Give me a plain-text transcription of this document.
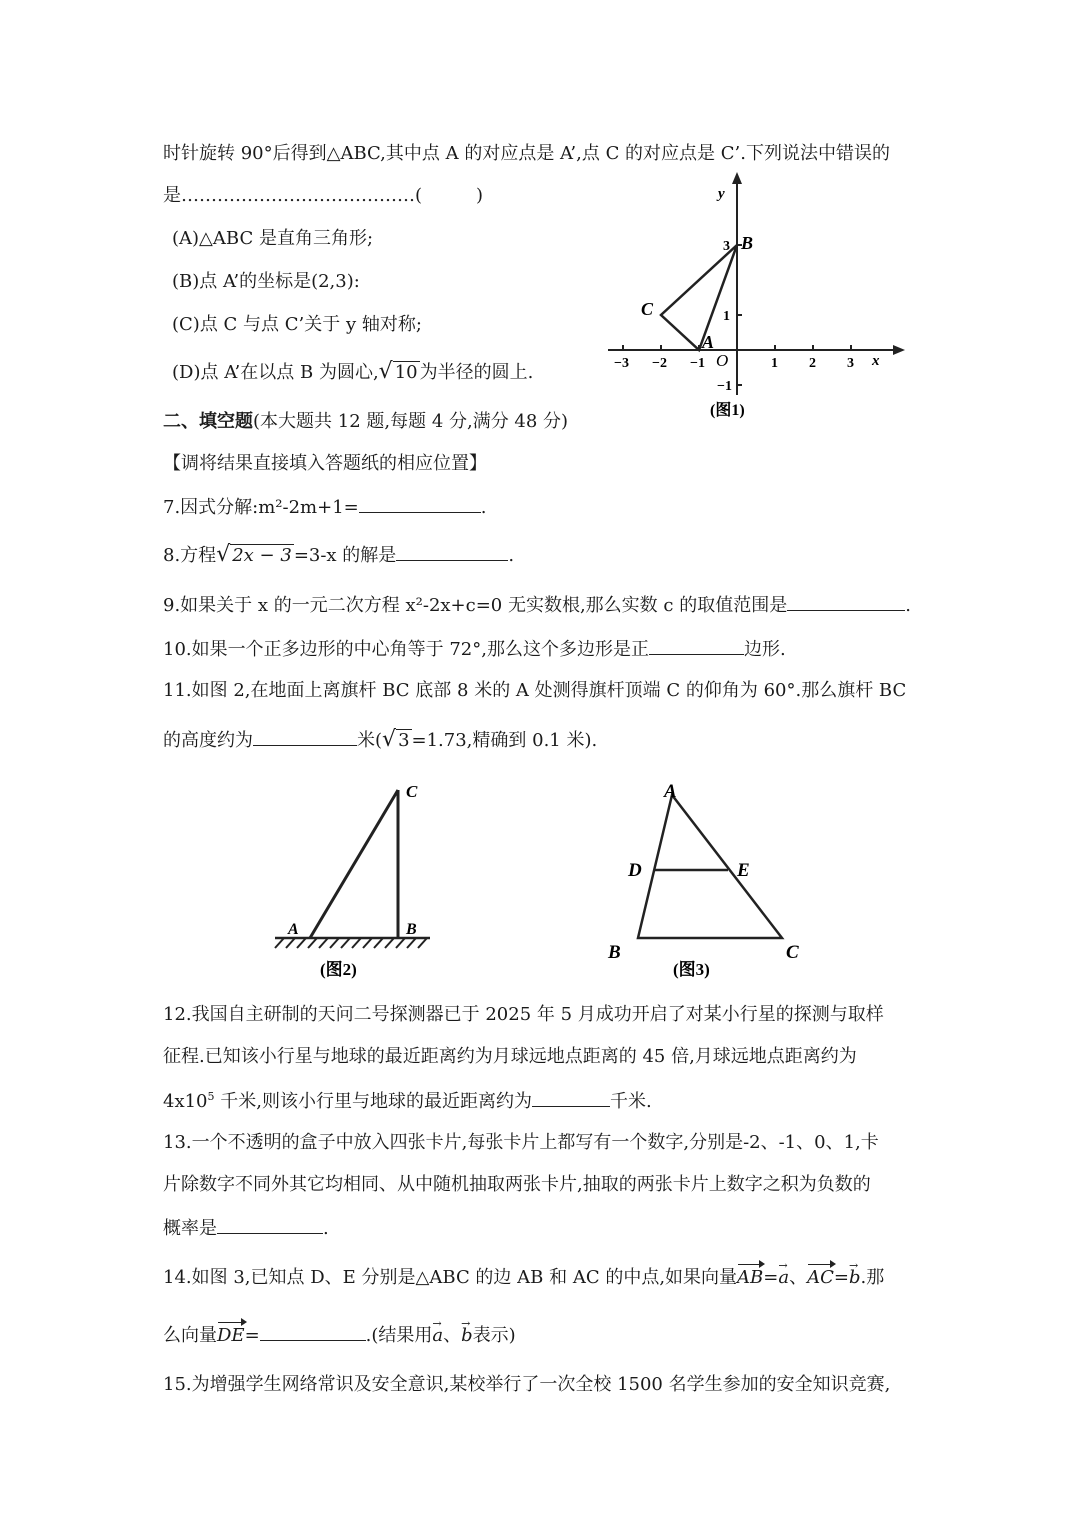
时针旋转 90°后得到△ABC,其中点 A 的对应点是 A’,点 C 的对应点是 C’.下列说法中错误的
是…………………………………(　　　)
(A)△ABC 是直角三角形;
(B)点 A’的坐标是(2,3):
(C)点 C 与点 C’关于 y 轴对称;
(D)点 A’在以点 B 为圆心,√ 10 为半径的圆上.	−3 −2 −1	1 2 3
3
1
−1
x
y
O
B
C
A
(图1)
二、填空题(本大题共 12 题,每题 4 分,满分 48 分)
【调将结果直接填入答题纸的相应位置】
7.因式分解:m²-2m+1=	.
8.方程√ 2x − 3 =3-x 的解是	.
9.如果关于 x 的一元二次方程 x²-2x+c=0 无实数根,那么实数 c 的取值范围是	.
10.如果一个正多边形的中心角等于 72°,那么这个多边形是正	边形.
11.如图 2,在地面上离旗杆 BC 底部 8 米的 A 处测得旗杆顶端 C 的仰角为 60°.那么旗杆 BC
的高度约为	米(√ 3 =1.73,精确到 0.1 米).
C
A	B
(图2)
A
D	E
B	C
(图3)
12.我国自主研制的天问二号探测器已于 2025 年 5 月成功开启了对某小行星的探测与取样
征程.已知该小行星与地球的最近距离约为月球远地点距离的 45 倍,月球远地点距离约为
$4x10^5$ 千米,则该小行里与地球的最近距离约为	千米.
13.一个不透明的盒子中放入四张卡片,每张卡片上都写有一个数字,分别是-2、-1、0、1,卡
片除数字不同外其它均相同、从中随机抽取两张卡片,抽取的两张卡片上数字之积为负数的
概率是	.
14.如图 3,已知点 D、E 分别是△ABC 的边 AB 和 AC 的中点,如果向量AB=a →、AC=b →.那
么向量DE=	.(结果用a →、b →表示)
15.为增强学生网络常识及安全意识,某校举行了一次全校 1500 名学生参加的安全知识竞赛,
